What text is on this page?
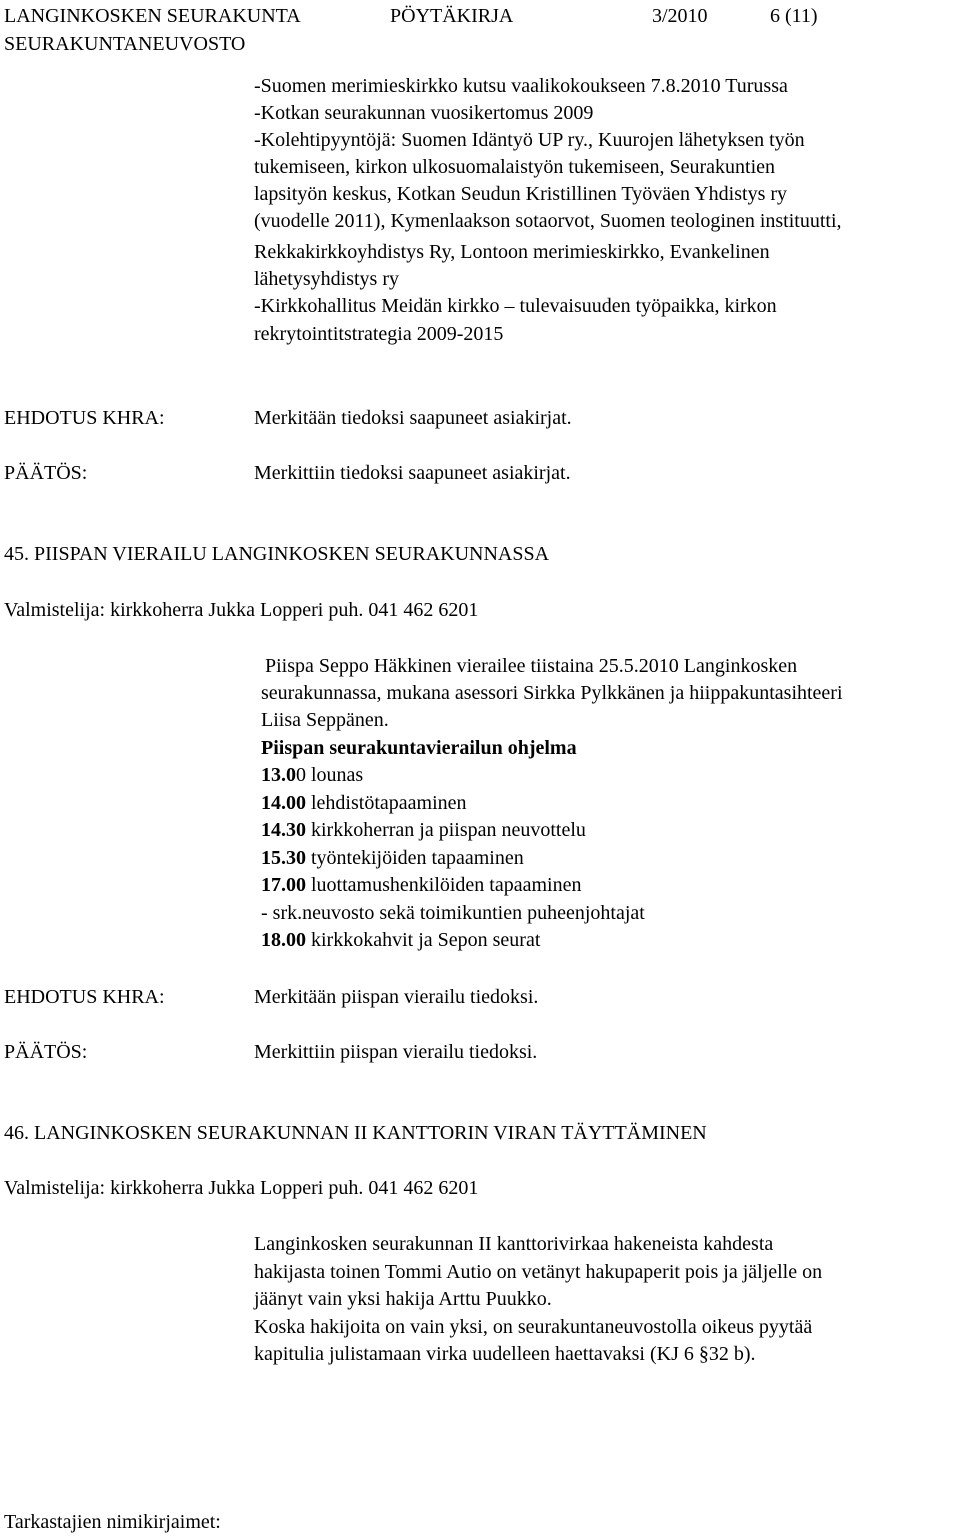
LANGINKOSKEN SEURAKUNTA	PÖYTÄKIRJA	3/2010	6 (11)
SEURAKUNTANEUVOSTO
-Suomen merimieskirkko kutsu vaalikokoukseen 7.8.2010 Turussa
-Kotkan seurakunnan vuosikertomus 2009
-Kolehtipyyntöjä: Suomen Idäntyö UP ry., Kuurojen lähetyksen työn
tukemiseen, kirkon ulkosuomalaistyön tukemiseen, Seurakuntien
lapsityön keskus, Kotkan Seudun Kristillinen Työväen Yhdistys ry
(vuodelle 2011), Kymenlaakson sotaorvot, Suomen teologinen instituutti,
Rekkakirkkoyhdistys Ry, Lontoon merimieskirkko, Evankelinen
lähetysyhdistys ry
-Kirkkohallitus Meidän kirkko – tulevaisuuden työpaikka, kirkon
rekrytointitstrategia 2009-2015
EHDOTUS KHRA:	Merkitään tiedoksi saapuneet asiakirjat.
PÄÄTÖS:	Merkittiin tiedoksi saapuneet asiakirjat.
45. PIISPAN VIERAILU LANGINKOSKEN SEURAKUNNASSA
Valmistelija: kirkkoherra Jukka Lopperi puh. 041 462 6201
Piispa Seppo Häkkinen vierailee tiistaina 25.5.2010 Langinkosken
seurakunnassa, mukana asessori Sirkka Pylkkänen ja hiippakuntasihteeri
Liisa Seppänen.
Piispan seurakuntavierailun ohjelma
13.00 lounas
14.00 lehdistötapaaminen
14.30 kirkkoherran ja piispan neuvottelu
15.30 työntekijöiden tapaaminen
17.00 luottamushenkilöiden tapaaminen
- srk.neuvosto sekä toimikuntien puheenjohtajat
18.00 kirkkokahvit ja Sepon seurat
EHDOTUS KHRA:	Merkitään piispan vierailu tiedoksi.
PÄÄTÖS:	Merkittiin piispan vierailu tiedoksi.
46. LANGINKOSKEN SEURAKUNNAN II KANTTORIN VIRAN TÄYTTÄMINEN
Valmistelija: kirkkoherra Jukka Lopperi puh. 041 462 6201
Langinkosken seurakunnan II kanttorivirkaa hakeneista kahdesta
hakijasta toinen Tommi Autio on vetänyt hakupaperit pois ja jäljelle on
jäänyt vain yksi hakija Arttu Puukko.
Koska hakijoita on vain yksi, on seurakuntaneuvostolla oikeus pyytää
kapitulia julistamaan virka uudelleen haettavaksi (KJ 6 §32 b).
Tarkastajien nimikirjaimet:
